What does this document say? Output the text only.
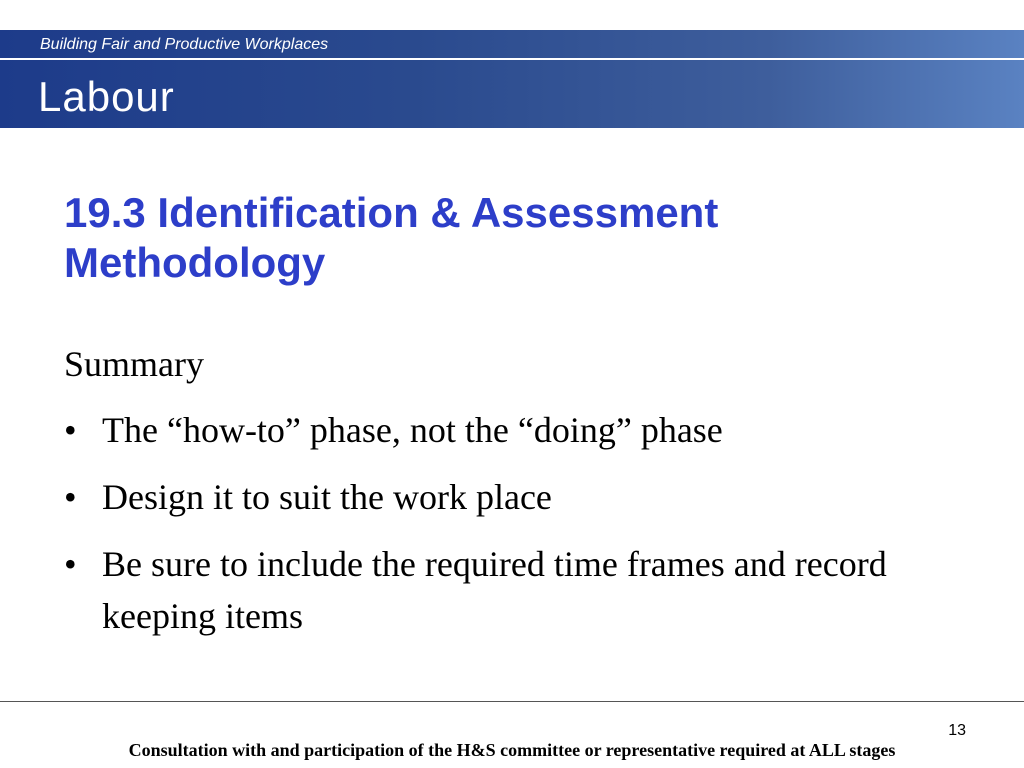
Building Fair and Productive Workplaces
Labour
19.3 Identification & Assessment Methodology

Summary

• The “how-to” phase, not the “doing” phase
• Design it to suit the work place
• Be sure to include the required time frames and record keeping items
13
Consultation with and participation of the H&S committee or representative required at ALL stages
